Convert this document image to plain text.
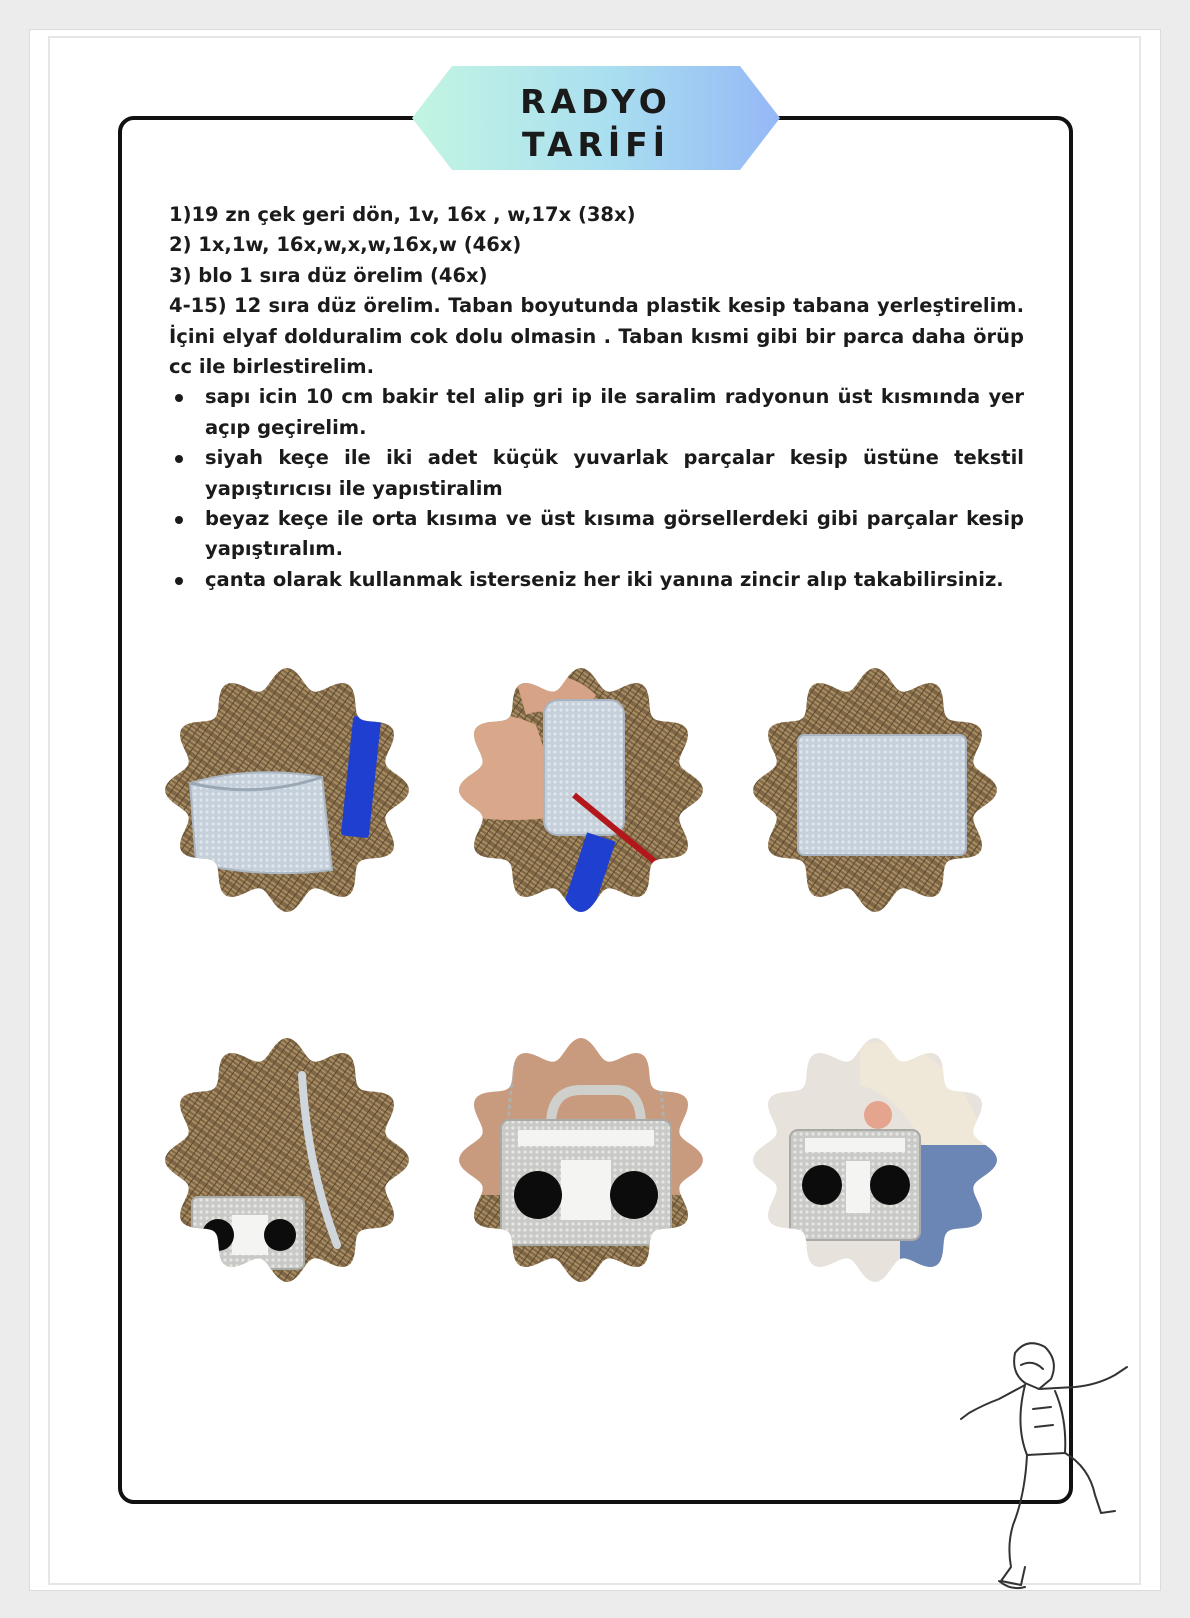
RADYO
TARİFİ

1)19 zn çek geri dön, 1v, 16x , w,17x (38x)

2) 1x,1w, 16x,w,x,w,16x,w (46x)

3) blo 1 sıra düz örelim (46x)

4-15) 12 sıra düz örelim. Taban boyutunda plastik kesip tabana yerleştirelim. İçini elyaf dolduralim cok dolu olmasin . Taban kısmi gibi bir parca daha örüp cc ile birlestirelim.

sapı icin 10 cm bakir tel alip gri ip ile saralim radyonun üst kısmında yer açıp geçirelim.
siyah keçe ile iki adet küçük yuvarlak parçalar kesip üstüne tekstil yapıştırıcısı ile yapıstiralim
beyaz keçe ile orta kısıma ve üst kısıma görsellerdeki gibi parçalar kesip yapıştıralım.
çanta olarak kullanmak isterseniz her iki yanına zincir alıp takabilirsiniz.
